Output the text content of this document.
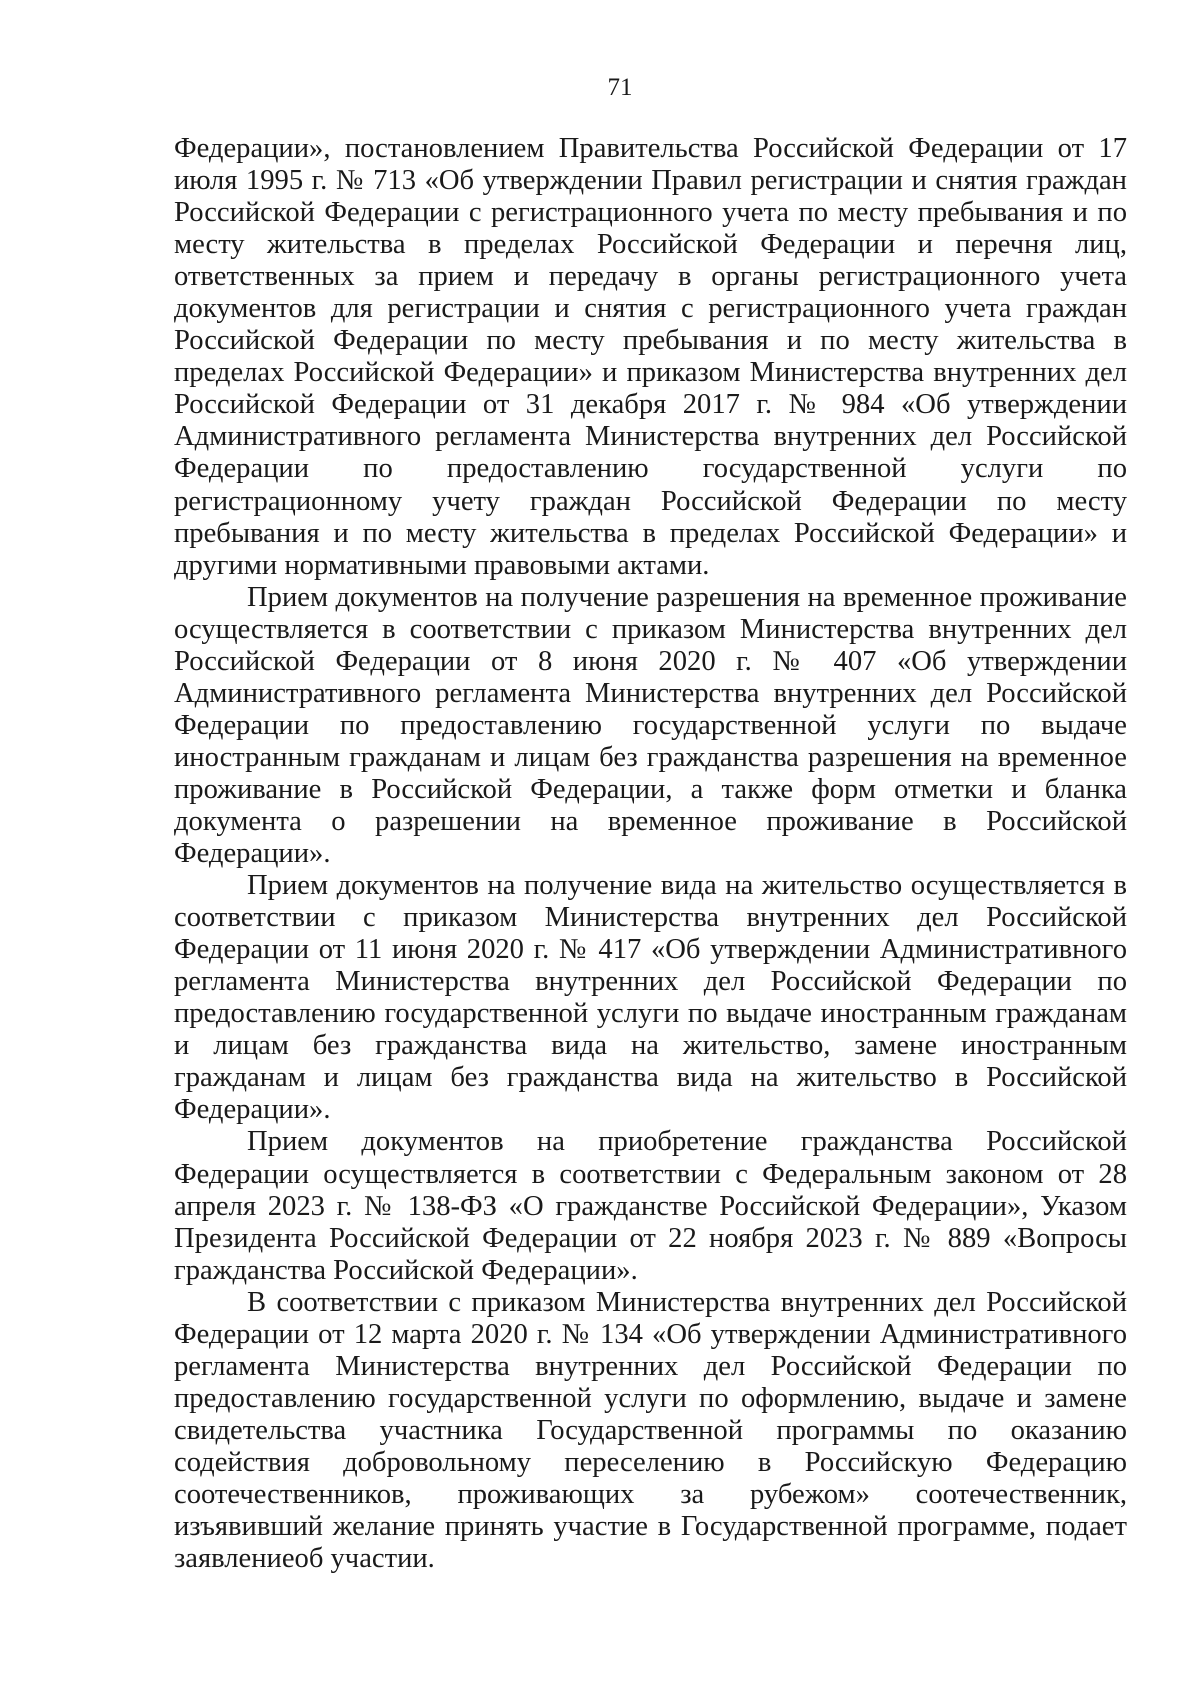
71

Федерации», постановлением Правительства Российской Федерации от 17 июля 1995 г. № 713 «Об утверждении Правил регистрации и снятия граждан Российской Федерации с регистрационного учета по месту пребывания и по месту жительства в пределах Российской Федерации и перечня лиц, ответственных за прием и передачу в органы регистрационного учета документов для регистрации и снятия с регистрационного учета граждан Российской Федерации по месту пребывания и по месту жительства в пределах Российской Федерации» и приказом Министерства внутренних дел Российской Федерации от 31 декабря 2017 г. № 984 «Об утверждении Административного регламента Министерства внутренних дел Российской Федерации по предоставлению государственной услуги по регистрационному учету граждан Российской Федерации по месту пребывания и по месту жительства в пределах Российской Федерации» и другими нормативными правовыми актами.

Прием документов на получение разрешения на временное проживание осуществляется в соответствии с приказом Министерства внутренних дел Российской Федерации от 8 июня 2020 г. № 407 «Об утверждении Административного регламента Министерства внутренних дел Российской Федерации по предоставлению государственной услуги по выдаче иностранным гражданам и лицам без гражданства разрешения на временное проживание в Российской Федерации, а также форм отметки и бланка документа о разрешении на временное проживание в Российской Федерации».

Прием документов на получение вида на жительство осуществляется в соответствии с приказом Министерства внутренних дел Российской Федерации от 11 июня 2020 г. № 417 «Об утверждении Административного регламента Министерства внутренних дел Российской Федерации по предоставлению государственной услуги по выдаче иностранным гражданам и лицам без гражданства вида на жительство, замене иностранным гражданам и лицам без гражданства вида на жительство в Российской Федерации».

Прием документов на приобретение гражданства Российской Федерации осуществляется в соответствии с Федеральным законом от 28 апреля 2023 г. № 138-ФЗ «О гражданстве Российской Федерации», Указом Президента Российской Федерации от 22 ноября 2023 г. № 889 «Вопросы гражданства Российской Федерации».

В соответствии с приказом Министерства внутренних дел Российской Федерации от 12 марта 2020 г. № 134 «Об утверждении Административного регламента Министерства внутренних дел Российской Федерации по предоставлению государственной услуги по оформлению, выдаче и замене свидетельства участника Государственной программы по оказанию содействия добровольному переселению в Российскую Федерацию соотечественников, проживающих за рубежом» соотечественник, изъявивший желание принять участие в Государственной программе, подает заявлениеоб участии.
